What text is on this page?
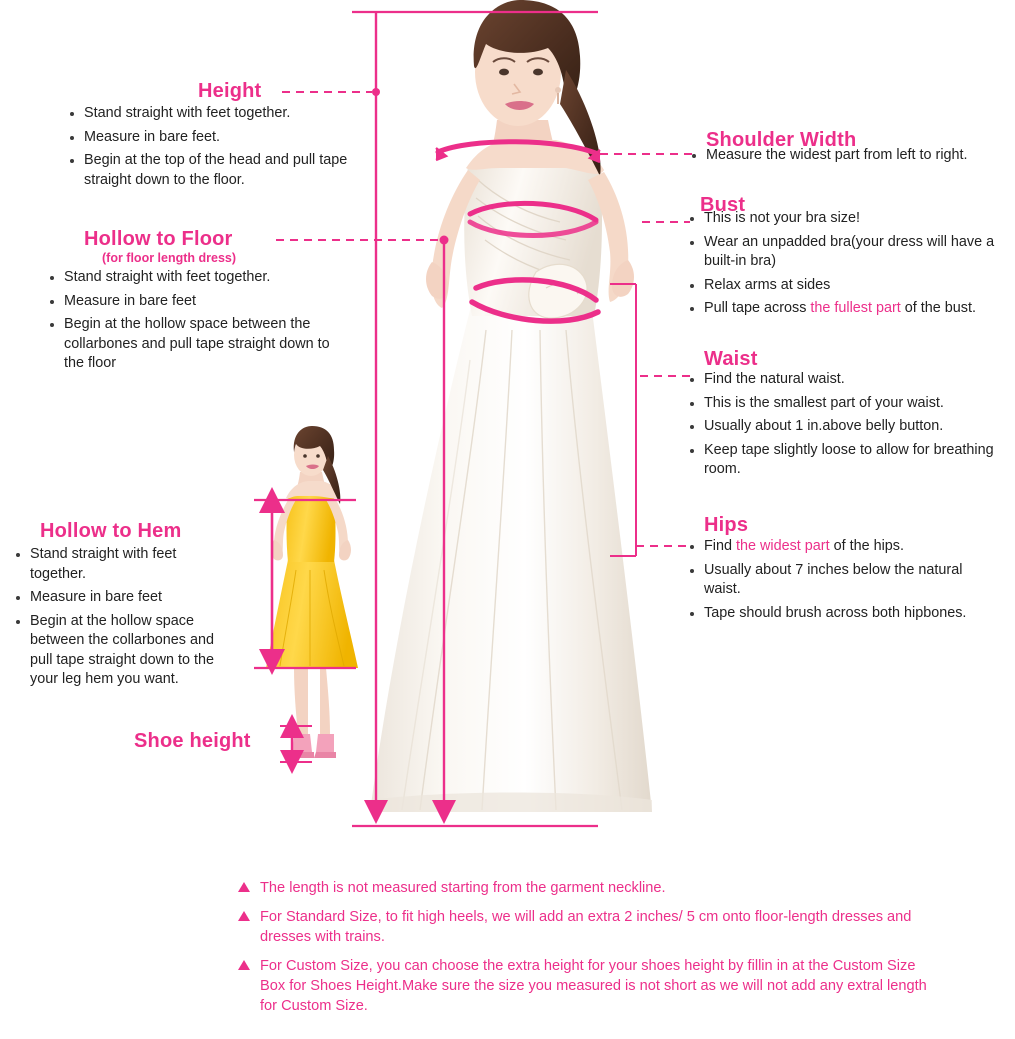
Height
Stand straight with feet together.
Measure in bare feet.
Begin at the top of the head and pull tape straight down to the floor.
Hollow to Floor
(for floor length dress)
Stand straight with feet together.
Measure in bare feet
Begin at the hollow space between the collarbones and pull tape straight down to the floor
Hollow to Hem
Stand straight with feet together.
Measure in bare feet
Begin at the hollow space between the collarbones and pull tape straight down to the your leg hem you want.
Shoe height
Shoulder Width
Measure the widest part from left to right.
Bust
This is not your bra size!
Wear an unpadded bra(your dress will have a built-in bra)
Relax arms at sides
Pull tape across the fullest part of the bust.
Waist
Find the natural waist.
This is the smallest part of your waist.
Usually about 1 in.above belly button.
Keep tape slightly loose to allow for breathing room.
Hips
Find the widest part of the hips.
Usually about 7 inches below the natural waist.
Tape should brush across both hipbones.
The length is not measured starting from the garment neckline.
For Standard Size, to fit high heels, we will add an extra 2 inches/ 5 cm onto floor-length dresses and dresses with trains.
For Custom Size, you can choose the extra height for your shoes height by fillin in at the Custom Size Box for Shoes Height.Make sure the size you measured is not short as we will not add any extral length for Custom Size.
